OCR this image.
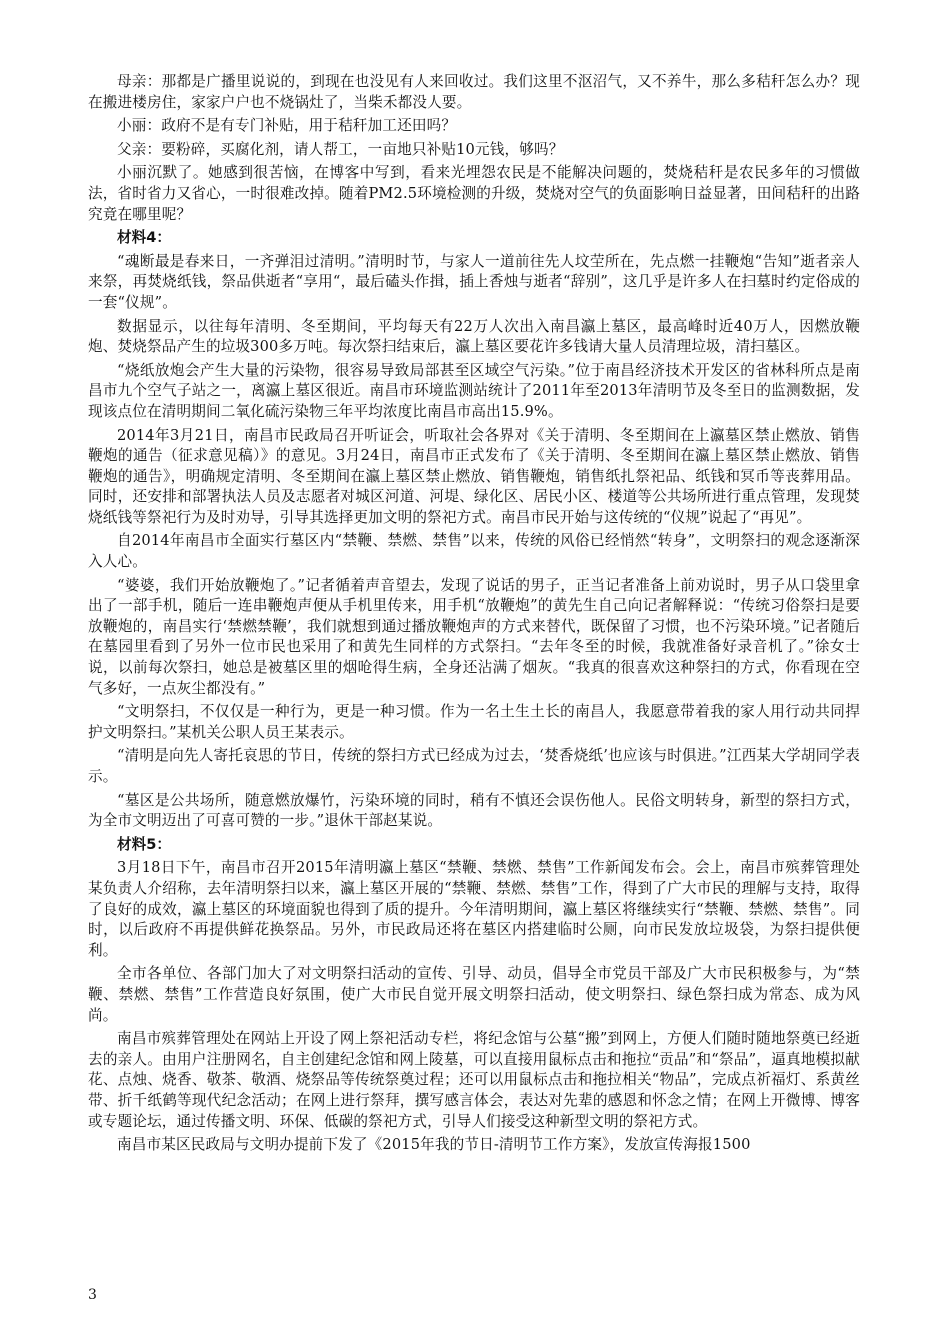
母亲：那都是广播里说说的，到现在也没见有人来回收过。我们这里不沤沼气，又不养牛，那么多秸秆怎么办？现在搬进楼房住，家家户户也不烧锅灶了，当柴禾都没人要。

小丽：政府不是有专门补贴，用于秸秆加工还田吗？

父亲：要粉碎，买腐化剂，请人帮工，一亩地只补贴10元钱，够吗？

小丽沉默了。她感到很苦恼，在博客中写到，看来光埋怨农民是不能解决问题的，焚烧秸秆是农民多年的习惯做法，省时省力又省心，一时很难改掉。随着PM2.5环境检测的升级，焚烧对空气的负面影响日益显著，田间秸秆的出路究竟在哪里呢？

材料4：

“魂断最是春来日，一齐弹泪过清明。”清明时节，与家人一道前往先人坟茔所在，先点燃一挂鞭炮“告知”逝者亲人来祭，再焚烧纸钱，祭品供逝者“享用“，最后磕头作揖，插上香烛与逝者“辞别”，这几乎是许多人在扫墓时约定俗成的一套“仪规”。

数据显示，以往每年清明、冬至期间，平均每天有22万人次出入南昌瀛上墓区，最高峰时近40万人，因燃放鞭炮、焚烧祭品产生的垃圾300多万吨。每次祭扫结束后，瀛上墓区要花许多钱请大量人员清理垃圾，清扫墓区。

“烧纸放炮会产生大量的污染物，很容易导致局部甚至区域空气污染。”位于南昌经济技术开发区的省林科所点是南昌市九个空气子站之一，离瀛上墓区很近。南昌市环境监测站统计了2011年至2013年清明节及冬至日的监测数据，发现该点位在清明期间二氧化硫污染物三年平均浓度比南昌市高出15.9%。

2014年3月21日，南昌市民政局召开听证会，听取社会各界对《关于清明、冬至期间在上瀛墓区禁止燃放、销售鞭炮的通告（征求意见稿）》的意见。3月24日，南昌市正式发布了《关于清明、冬至期间在瀛上墓区禁止燃放、销售鞭炮的通告》，明确规定清明、冬至期间在瀛上墓区禁止燃放、销售鞭炮，销售纸扎祭祀品、纸钱和冥币等丧葬用品。同时，还安排和部署执法人员及志愿者对城区河道、河堤、绿化区、居民小区、楼道等公共场所进行重点管理，发现焚烧纸钱等祭祀行为及时劝导，引导其选择更加文明的祭祀方式。南昌市民开始与这传统的“仪规”说起了“再见”。

自2014年南昌市全面实行墓区内“禁鞭、禁燃、禁售”以来，传统的风俗已经悄然“转身”，文明祭扫的观念逐渐深入人心。

“婆婆，我们开始放鞭炮了。”记者循着声音望去，发现了说话的男子，正当记者准备上前劝说时，男子从口袋里拿出了一部手机，随后一连串鞭炮声便从手机里传来，用手机“放鞭炮”的黄先生自己向记者解释说：“传统习俗祭扫是要放鞭炮的，南昌实行‘禁燃禁鞭’，我们就想到通过播放鞭炮声的方式来替代，既保留了习惯，也不污染环境。”记者随后在墓园里看到了另外一位市民也采用了和黄先生同样的方式祭扫。“去年冬至的时候，我就准备好录音机了。”徐女士说，以前每次祭扫，她总是被墓区里的烟呛得生病，全身还沾满了烟灰。“我真的很喜欢这种祭扫的方式，你看现在空气多好，一点灰尘都没有。”

“文明祭扫，不仅仅是一种行为，更是一种习惯。作为一名土生土长的南昌人，我愿意带着我的家人用行动共同捍护文明祭扫。”某机关公职人员王某表示。

“清明是向先人寄托哀思的节日，传统的祭扫方式已经成为过去，‘焚香烧纸’也应该与时俱进。”江西某大学胡同学表示。

“墓区是公共场所，随意燃放爆竹，污染环境的同时，稍有不慎还会误伤他人。民俗文明转身，新型的祭扫方式，为全市文明迈出了可喜可赞的一步。”退休干部赵某说。

材料5：

3月18日下午，南昌市召开2015年清明瀛上墓区“禁鞭、禁燃、禁售”工作新闻发布会。会上，南昌市殡葬管理处某负责人介绍称，去年清明祭扫以来，瀛上墓区开展的“禁鞭、禁燃、禁售”工作，得到了广大市民的理解与支持，取得了良好的成效，瀛上墓区的环境面貌也得到了质的提升。今年清明期间，瀛上墓区将继续实行“禁鞭、禁燃、禁售”。同时，以后政府不再提供鲜花换祭品。另外，市民政局还将在墓区内搭建临时公厕，向市民发放垃圾袋，为祭扫提供便利。

全市各单位、各部门加大了对文明祭扫活动的宣传、引导、动员，倡导全市党员干部及广大市民积极参与，为“禁鞭、禁燃、禁售”工作营造良好氛围，使广大市民自觉开展文明祭扫活动，使文明祭扫、绿色祭扫成为常态、成为风尚。

南昌市殡葬管理处在网站上开设了网上祭祀活动专栏，将纪念馆与公墓“搬”到网上，方便人们随时随地祭奠已经逝去的亲人。由用户注册网名，自主创建纪念馆和网上陵墓，可以直接用鼠标点击和拖拉“贡品”和“祭品”，逼真地模拟献花、点烛、烧香、敬茶、敬酒、烧祭品等传统祭奠过程；还可以用鼠标点击和拖拉相关“物品”，完成点祈福灯、系黄丝带、折千纸鹤等现代纪念活动；在网上进行祭拜，撰写感言体会，表达对先辈的感恩和怀念之情；在网上开微博、博客或专题论坛，通过传播文明、环保、低碳的祭祀方式，引导人们接受这种新型文明的祭祀方式。

南昌市某区民政局与文明办提前下发了《2015年我的节日-清明节工作方案》，发放宣传海报1500

3
